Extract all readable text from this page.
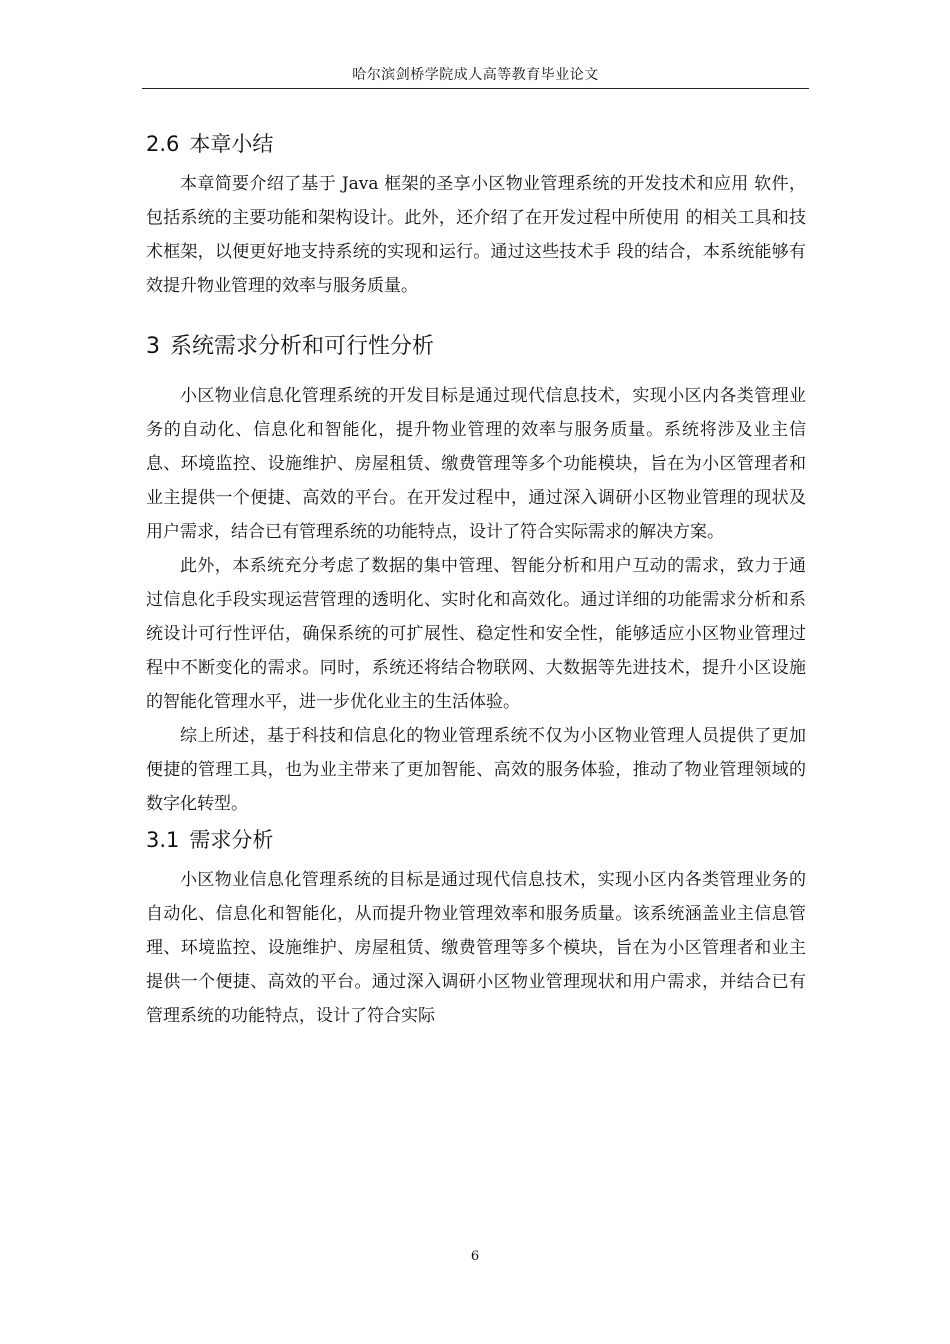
哈尔滨剑桥学院成人高等教育毕业论文
2.6 本章小结

本章简要介绍了基于 Java 框架的圣享小区物业管理系统的开发技术和应用 软件，包括系统的主要功能和架构设计。此外，还介绍了在开发过程中所使用 的相关工具和技术框架，以便更好地支持系统的实现和运行。通过这些技术手 段的结合，本系统能够有效提升物业管理的效率与服务质量。

3 系统需求分析和可行性分析

小区物业信息化管理系统的开发目标是通过现代信息技术，实现小区内各类管理业务的自动化、信息化和智能化，提升物业管理的效率与服务质量。系统将涉及业主信息、环境监控、设施维护、房屋租赁、缴费管理等多个功能模块，旨在为小区管理者和业主提供一个便捷、高效的平台。在开发过程中，通过深入调研小区物业管理的现状及用户需求，结合已有管理系统的功能特点，设计了符合实际需求的解决方案。

此外，本系统充分考虑了数据的集中管理、智能分析和用户互动的需求，致力于通过信息化手段实现运营管理的透明化、实时化和高效化。通过详细的功能需求分析和系统设计可行性评估，确保系统的可扩展性、稳定性和安全性，能够适应小区物业管理过程中不断变化的需求。同时，系统还将结合物联网、大数据等先进技术，提升小区设施的智能化管理水平，进一步优化业主的生活体验。

综上所述，基于科技和信息化的物业管理系统不仅为小区物业管理人员提供了更加便捷的管理工具，也为业主带来了更加智能、高效的服务体验，推动了物业管理领域的数字化转型。

3.1 需求分析

小区物业信息化管理系统的目标是通过现代信息技术，实现小区内各类管理业务的自动化、信息化和智能化，从而提升物业管理效率和服务质量。该系统涵盖业主信息管理、环境监控、设施维护、房屋租赁、缴费管理等多个模块，旨在为小区管理者和业主提供一个便捷、高效的平台。通过深入调研小区物业管理现状和用户需求，并结合已有管理系统的功能特点，设计了符合实际

6
